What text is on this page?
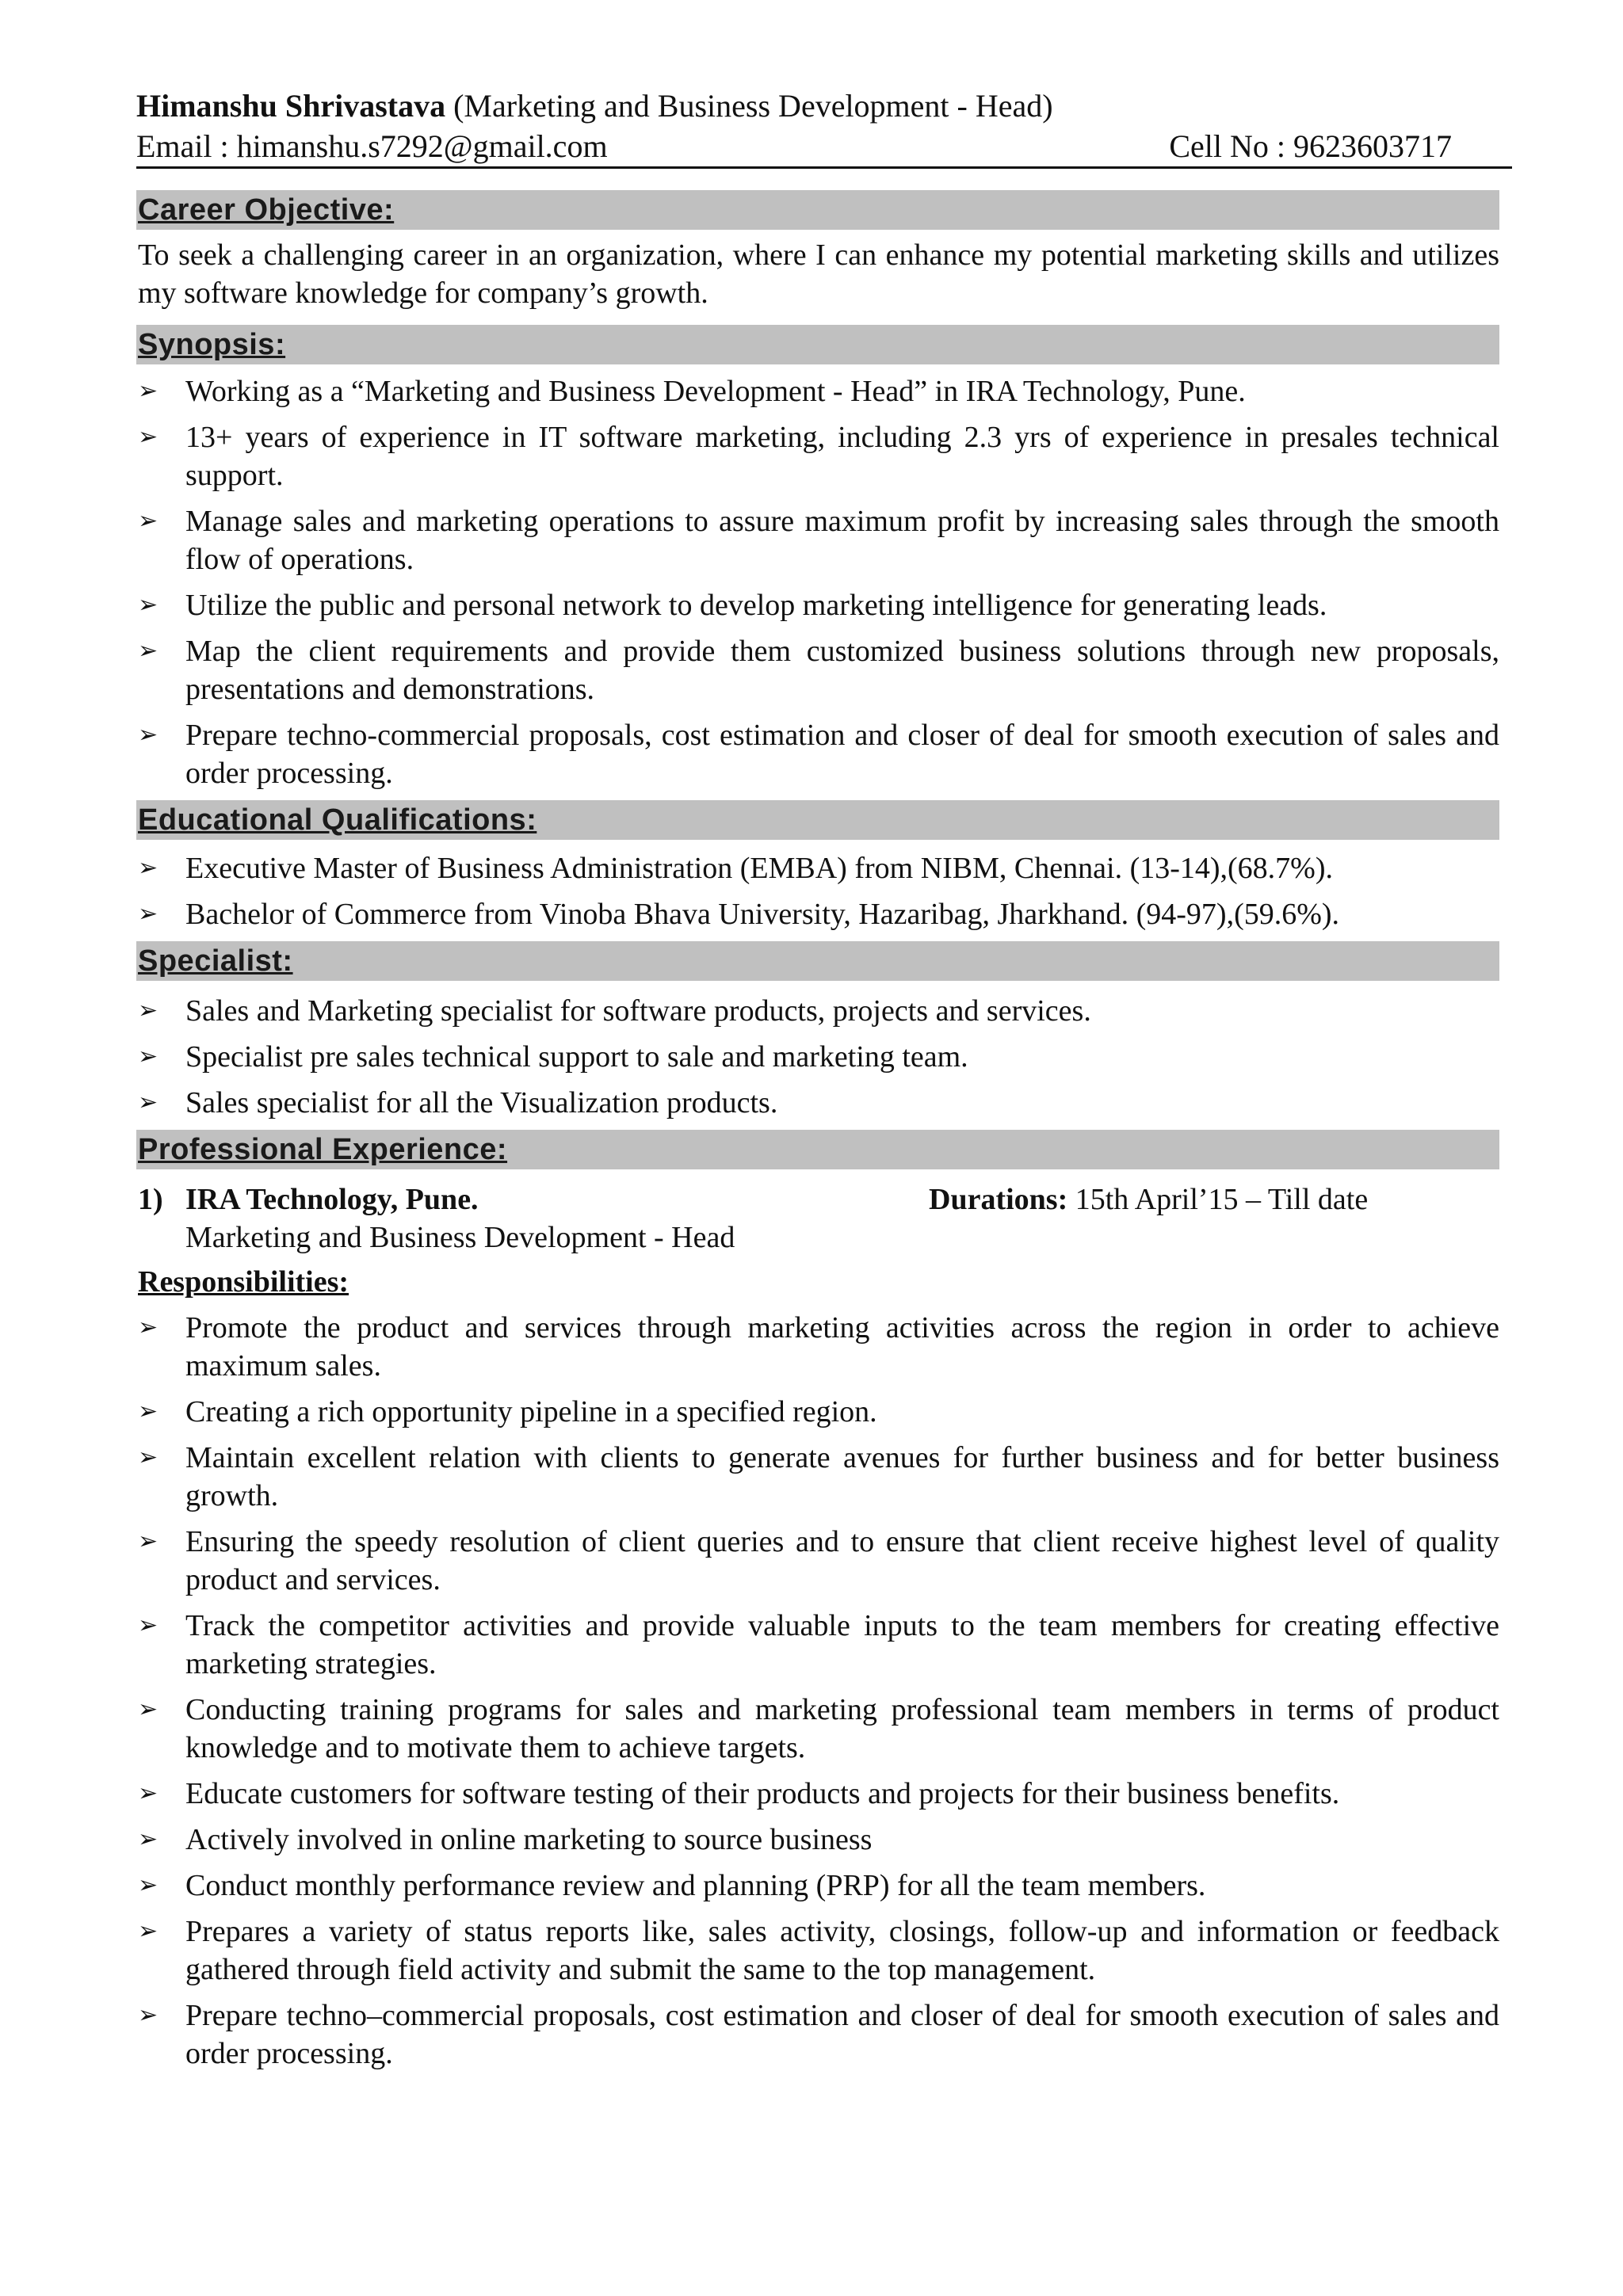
Himanshu Shrivastava (Marketing and Business Development - Head)
Email : himanshu.s7292@gmail.com	Cell No : 9623603717
Career Objective:
To seek a challenging career in an organization, where I can enhance my potential marketing skills and utilizes my software knowledge for company’s growth.
Synopsis:
➢ Working as a “Marketing and Business Development - Head” in IRA Technology, Pune.
➢ 13+ years of experience in IT software marketing, including 2.3 yrs of experience in presales technical support.
➢ Manage sales and marketing operations to assure maximum profit by increasing sales through the smooth flow of operations.
➢ Utilize the public and personal network to develop marketing intelligence for generating leads.
➢ Map the client requirements and provide them customized business solutions through new proposals, presentations and demonstrations.
➢ Prepare techno-commercial proposals, cost estimation and closer of deal for smooth execution of sales and order processing.
Educational Qualifications:
➢ Executive Master of Business Administration (EMBA) from NIBM, Chennai. (13-14),(68.7%).
➢ Bachelor of Commerce from Vinoba Bhava University, Hazaribag, Jharkhand. (94-97),(59.6%).
Specialist:
➢ Sales and Marketing specialist for software products, projects and services.
➢ Specialist pre sales technical support to sale and marketing team.
➢ Sales specialist for all the Visualization products.
Professional Experience:
1) IRA Technology, Pune.	Durations: 15th April’15 – Till date
Marketing and Business Development - Head
Responsibilities:
➢ Promote the product and services through marketing activities across the region in order to achieve maximum sales.
➢ Creating a rich opportunity pipeline in a specified region.
➢ Maintain excellent relation with clients to generate avenues for further business and for better business growth.
➢ Ensuring the speedy resolution of client queries and to ensure that client receive highest level of quality product and services.
➢ Track the competitor activities and provide valuable inputs to the team members for creating effective marketing strategies.
➢ Conducting training programs for sales and marketing professional team members in terms of product knowledge and to motivate them to achieve targets.
➢ Educate customers for software testing of their products and projects for their business benefits.
➢ Actively involved in online marketing to source business
➢ Conduct monthly performance review and planning (PRP) for all the team members.
➢ Prepares a variety of status reports like, sales activity, closings, follow-up and information or feedback gathered through field activity and submit the same to the top management.
➢ Prepare techno–commercial proposals, cost estimation and closer of deal for smooth execution of sales and order processing.
